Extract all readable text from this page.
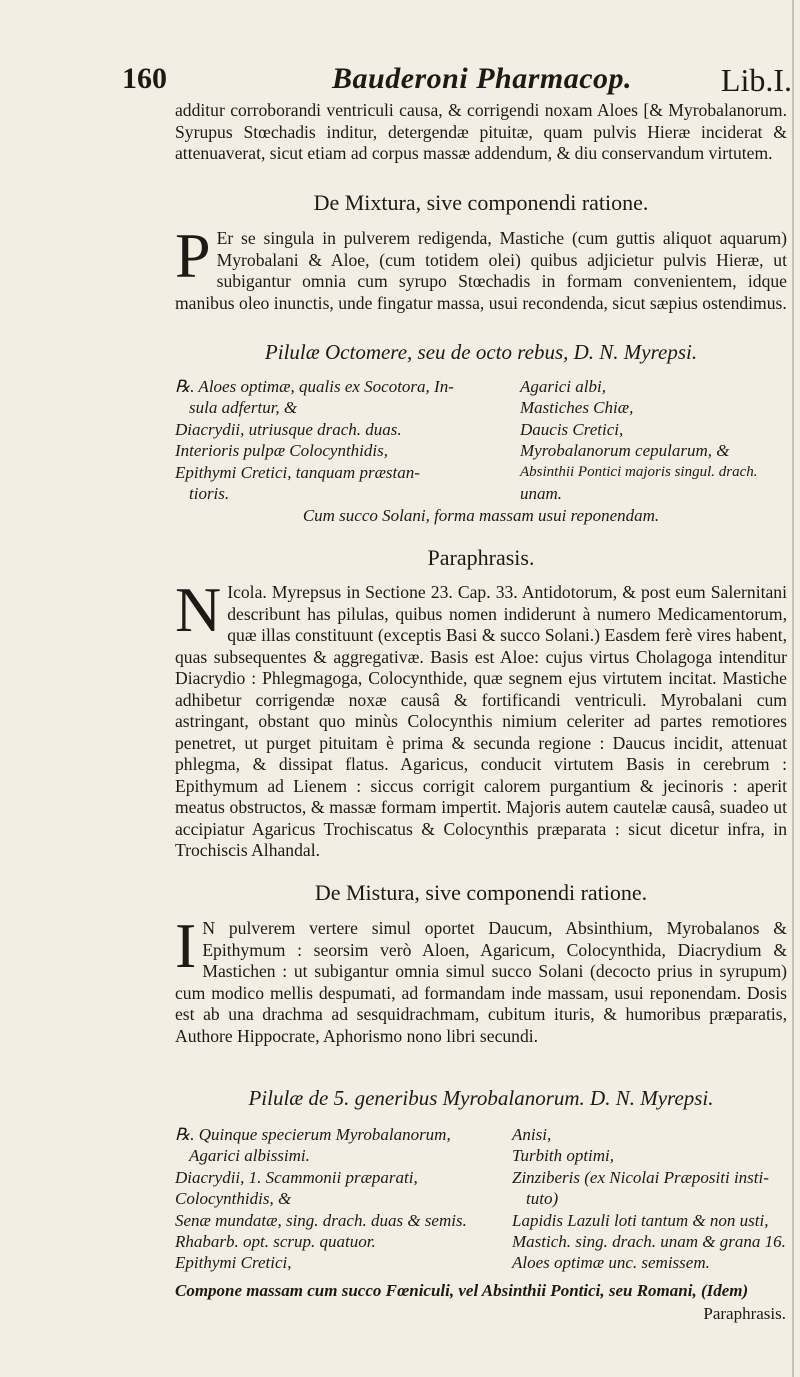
160	Bauderoni Pharmacop.	Lib.I.

additur corroborandi ventriculi causa, & corrigendi noxam Aloes [& Myrobalanorum. Syrupus Stœchadis inditur, detergendæ pituitæ, quam pulvis Hieræ inciderat & attenuaverat, sicut etiam ad corpus massæ addendum, & diu conservandum virtutem.

De Mixtura, sive componendi ratione.

P Er se singula in pulverem redigenda, Mastiche (cum guttis aliquot aquarum) Myrobalani & Aloe, (cum totidem olei) quibus adjicietur pulvis Hieræ, ut subigantur omnia cum syrupo Stœchadis in formam convenientem, idque manibus oleo inunctis, unde fingatur massa, usui recondenda, sicut sæpius ostendimus.

Pilulæ Octomere, seu de octo rebus, D. N. Myrepsi.
℞. Aloes optimæ, qualis ex Socotora, In-
sula adfertur, &
Diacrydii, utriusque drach. duas.
Interioris pulpæ Colocynthidis,
Epithymi Cretici, tanquam præstan-
tioris.
Agarici albi,
Mastiches Chiæ,
Daucis Cretici,
Myrobalanorum cepularum, &
Absinthii Pontici majoris singul. drach.
unam.
Cum succo Solani, forma massam usui reponendam.
Paraphrasis.

N Icola. Myrepsus in Sectione 23. Cap. 33. Antidotorum, & post eum Salernitani describunt has pilulas, quibus nomen indiderunt à numero Medicamentorum, quæ illas constituunt (exceptis Basi & succo Solani.) Easdem ferè vires habent, quas subsequentes & aggregativæ. Basis est Aloe: cujus virtus Cholagoga intenditur Diacrydio : Phlegmagoga, Colocynthide, quæ segnem ejus virtutem incitat. Mastiche adhibetur corrigendæ noxæ causâ & fortificandi ventriculi. Myrobalani cum astringant, obstant quo minùs Colocynthis nimium celeriter ad partes remotiores penetret, ut purget pituitam è prima & secunda regione : Daucus incidit, attenuat phlegma, & dissipat flatus. Agaricus, conducit virtutem Basis in cerebrum : Epithymum ad Lienem : siccus corrigit calorem purgantium & jecinoris : aperit meatus obstructos, & massæ formam impertit. Majoris autem cautelæ causâ, suadeo ut accipiatur Agaricus Trochiscatus & Colocynthis præparata : sicut dicetur infra, in Trochiscis Alhandal.

De Mistura, sive componendi ratione.

I N pulverem vertere simul oportet Daucum, Absinthium, Myrobalanos & Epithymum : seorsim verò Aloen, Agaricum, Colocynthida, Diacrydium & Mastichen : ut subigantur omnia simul succo Solani (decocto prius in syrupum) cum modico mellis despumati, ad formandam inde massam, usui reponendam. Dosis est ab una drachma ad sesquidrachmam, cubitum ituris, & humoribus præparatis, Authore Hippocrate, Aphorismo nono libri secundi.

Pilulæ de 5. generibus Myrobalanorum. D. N. Myrepsi.
℞. Quinque specierum Myrobalanorum,
Agarici albissimi.
Diacrydii, 1. Scammonii præparati,
Colocynthidis, &
Senæ mundatæ, sing. drach. duas & semis.
Rhabarb. opt. scrup. quatuor.
Epithymi Cretici,
Anisi,
Turbith optimi,
Zinziberis (ex Nicolai Præpositi insti-
tuto)
Lapidis Lazuli loti tantum & non usti,
Mastich. sing. drach. unam & grana 16.
Aloes optimæ unc. semissem.
Compone massam cum succo Fœniculi, vel Absinthii Pontici, seu Romani, (Idem)
Paraphrasis.
